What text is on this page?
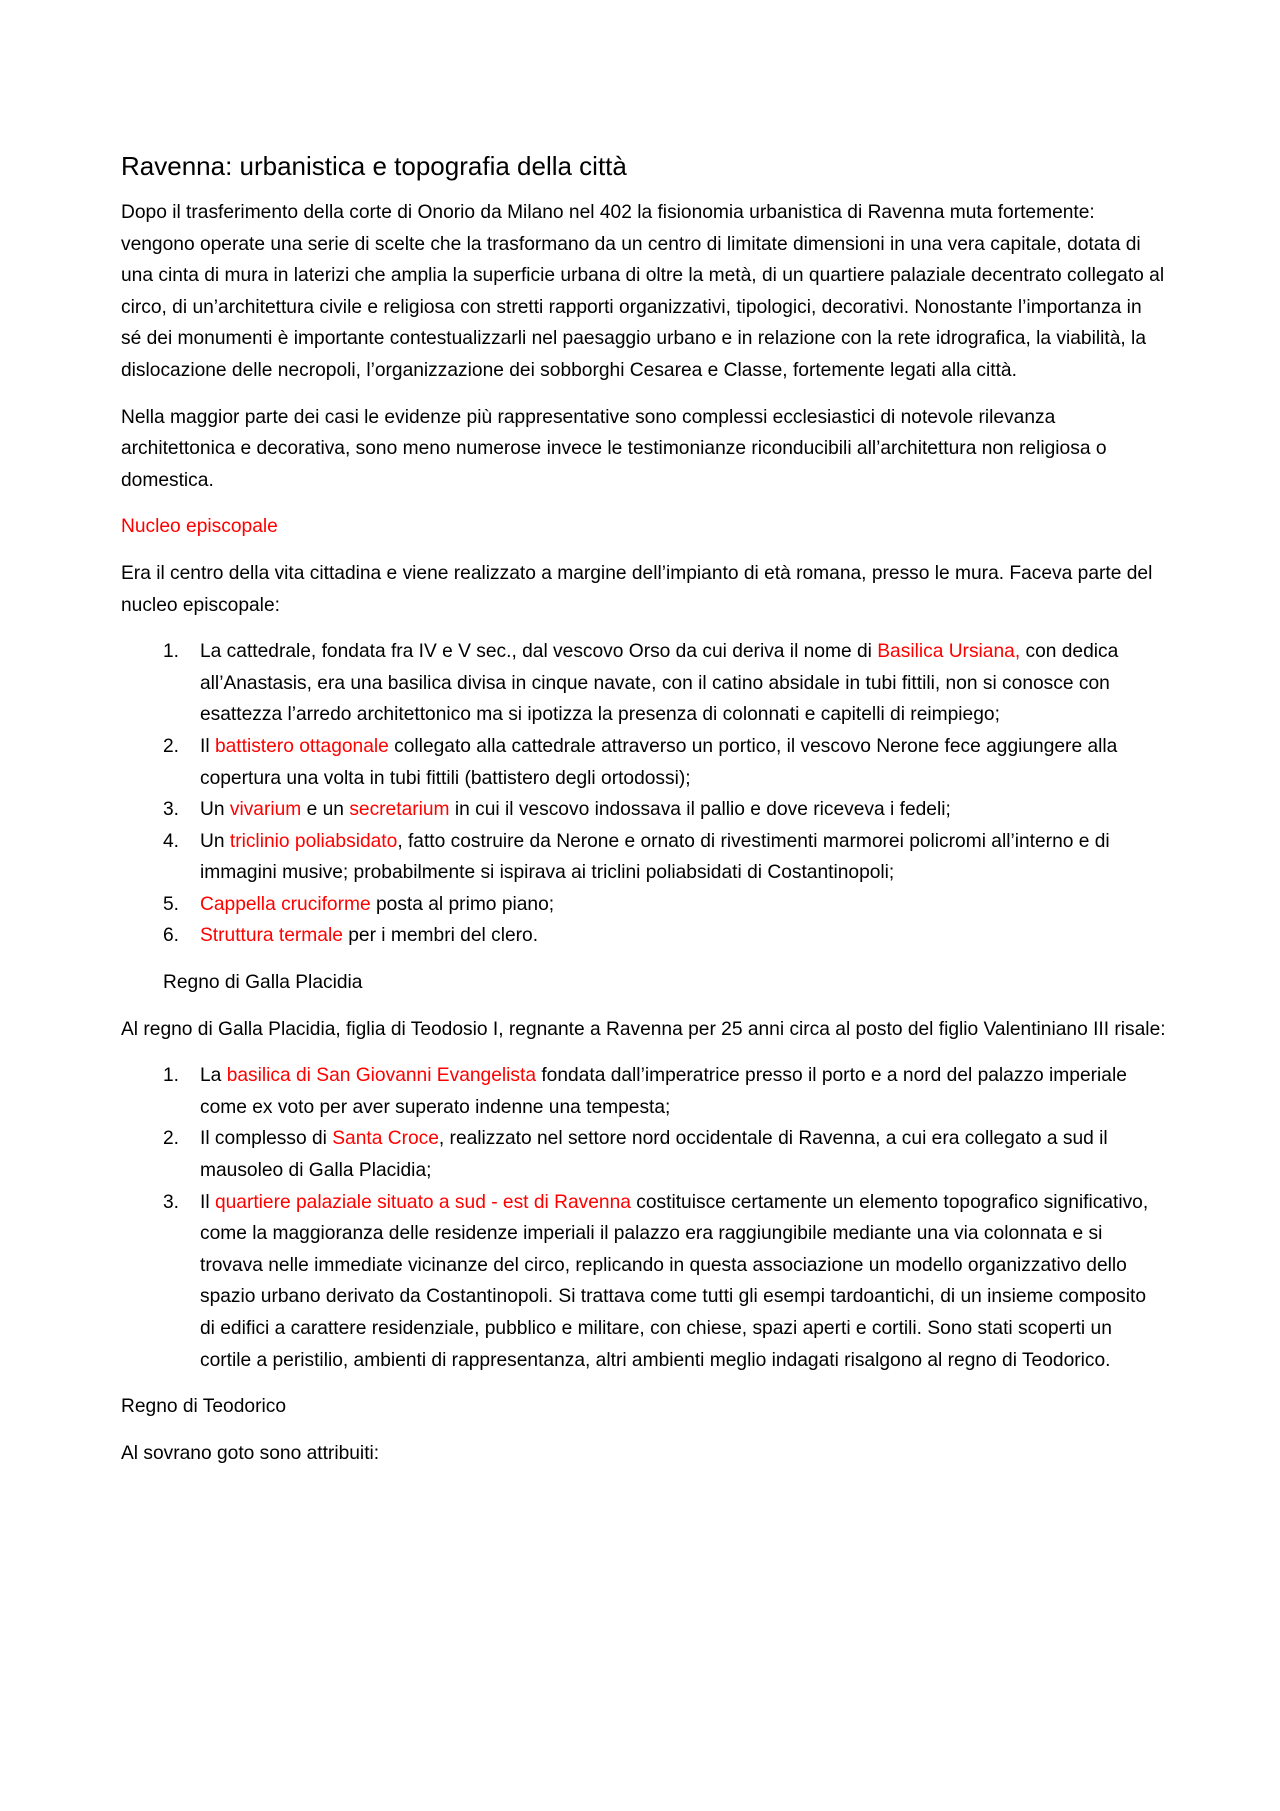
Ravenna: urbanistica e topografia della città

Dopo il trasferimento della corte di Onorio da Milano nel 402 la fisionomia urbanistica di Ravenna muta fortemente: vengono operate una serie di scelte che la trasformano da un centro di limitate dimensioni in una vera capitale, dotata di una cinta di mura in laterizi che amplia la superficie urbana di oltre la metà, di un quartiere palaziale decentrato collegato al circo, di un’architettura civile e religiosa con stretti rapporti organizzativi, tipologici, decorativi. Nonostante l’importanza in sé dei monumenti è importante contestualizzarli nel paesaggio urbano e in relazione con la rete idrografica, la viabilità, la dislocazione delle necropoli, l’organizzazione dei sobborghi Cesarea e Classe, fortemente legati alla città.

Nella maggior parte dei casi le evidenze più rappresentative sono complessi ecclesiastici di notevole rilevanza architettonica e decorativa, sono meno numerose invece le testimonianze riconducibili all’architettura non religiosa o domestica.

Nucleo episcopale

Era il centro della vita cittadina e viene realizzato a margine dell’impianto di età romana, presso le mura. Faceva parte del nucleo episcopale:

1. La cattedrale, fondata fra IV e V sec., dal vescovo Orso da cui deriva il nome di Basilica Ursiana, con dedica all’Anastasis, era una basilica divisa in cinque navate, con il catino absidale in tubi fittili, non si conosce con esattezza l’arredo architettonico ma si ipotizza la presenza di colonnati e capitelli di reimpiego;
2. Il battistero ottagonale collegato alla cattedrale attraverso un portico, il vescovo Nerone fece aggiungere alla copertura una volta in tubi fittili (battistero degli ortodossi);
3. Un vivarium e un secretarium in cui il vescovo indossava il pallio e dove riceveva i fedeli;
4. Un triclinio poliabsidato, fatto costruire da Nerone e ornato di rivestimenti marmorei policromi all’interno e di immagini musive; probabilmente si ispirava ai triclini poliabsidati di Costantinopoli;
5. Cappella cruciforme posta al primo piano;
6. Struttura termale per i membri del clero.

Regno di Galla Placidia

Al regno di Galla Placidia, figlia di Teodosio I, regnante a Ravenna per 25 anni circa al posto del figlio Valentiniano III risale:

1. La basilica di San Giovanni Evangelista fondata dall’imperatrice presso il porto e a nord del palazzo imperiale come ex voto per aver superato indenne una tempesta;
2. Il complesso di Santa Croce, realizzato nel settore nord occidentale di Ravenna, a cui era collegato a sud il mausoleo di Galla Placidia;
3. Il quartiere palaziale situato a sud - est di Ravenna costituisce certamente un elemento topografico significativo, come la maggioranza delle residenze imperiali il palazzo era raggiungibile mediante una via colonnata e si trovava nelle immediate vicinanze del circo, replicando in questa associazione un modello organizzativo dello spazio urbano derivato da Costantinopoli. Si trattava come tutti gli esempi tardoantichi, di un insieme composito di edifici a carattere residenziale, pubblico e militare, con chiese, spazi aperti e cortili. Sono stati scoperti un cortile a peristilio, ambienti di rappresentanza, altri ambienti meglio indagati risalgono al regno di Teodorico.

Regno di Teodorico

Al sovrano goto sono attribuiti:
